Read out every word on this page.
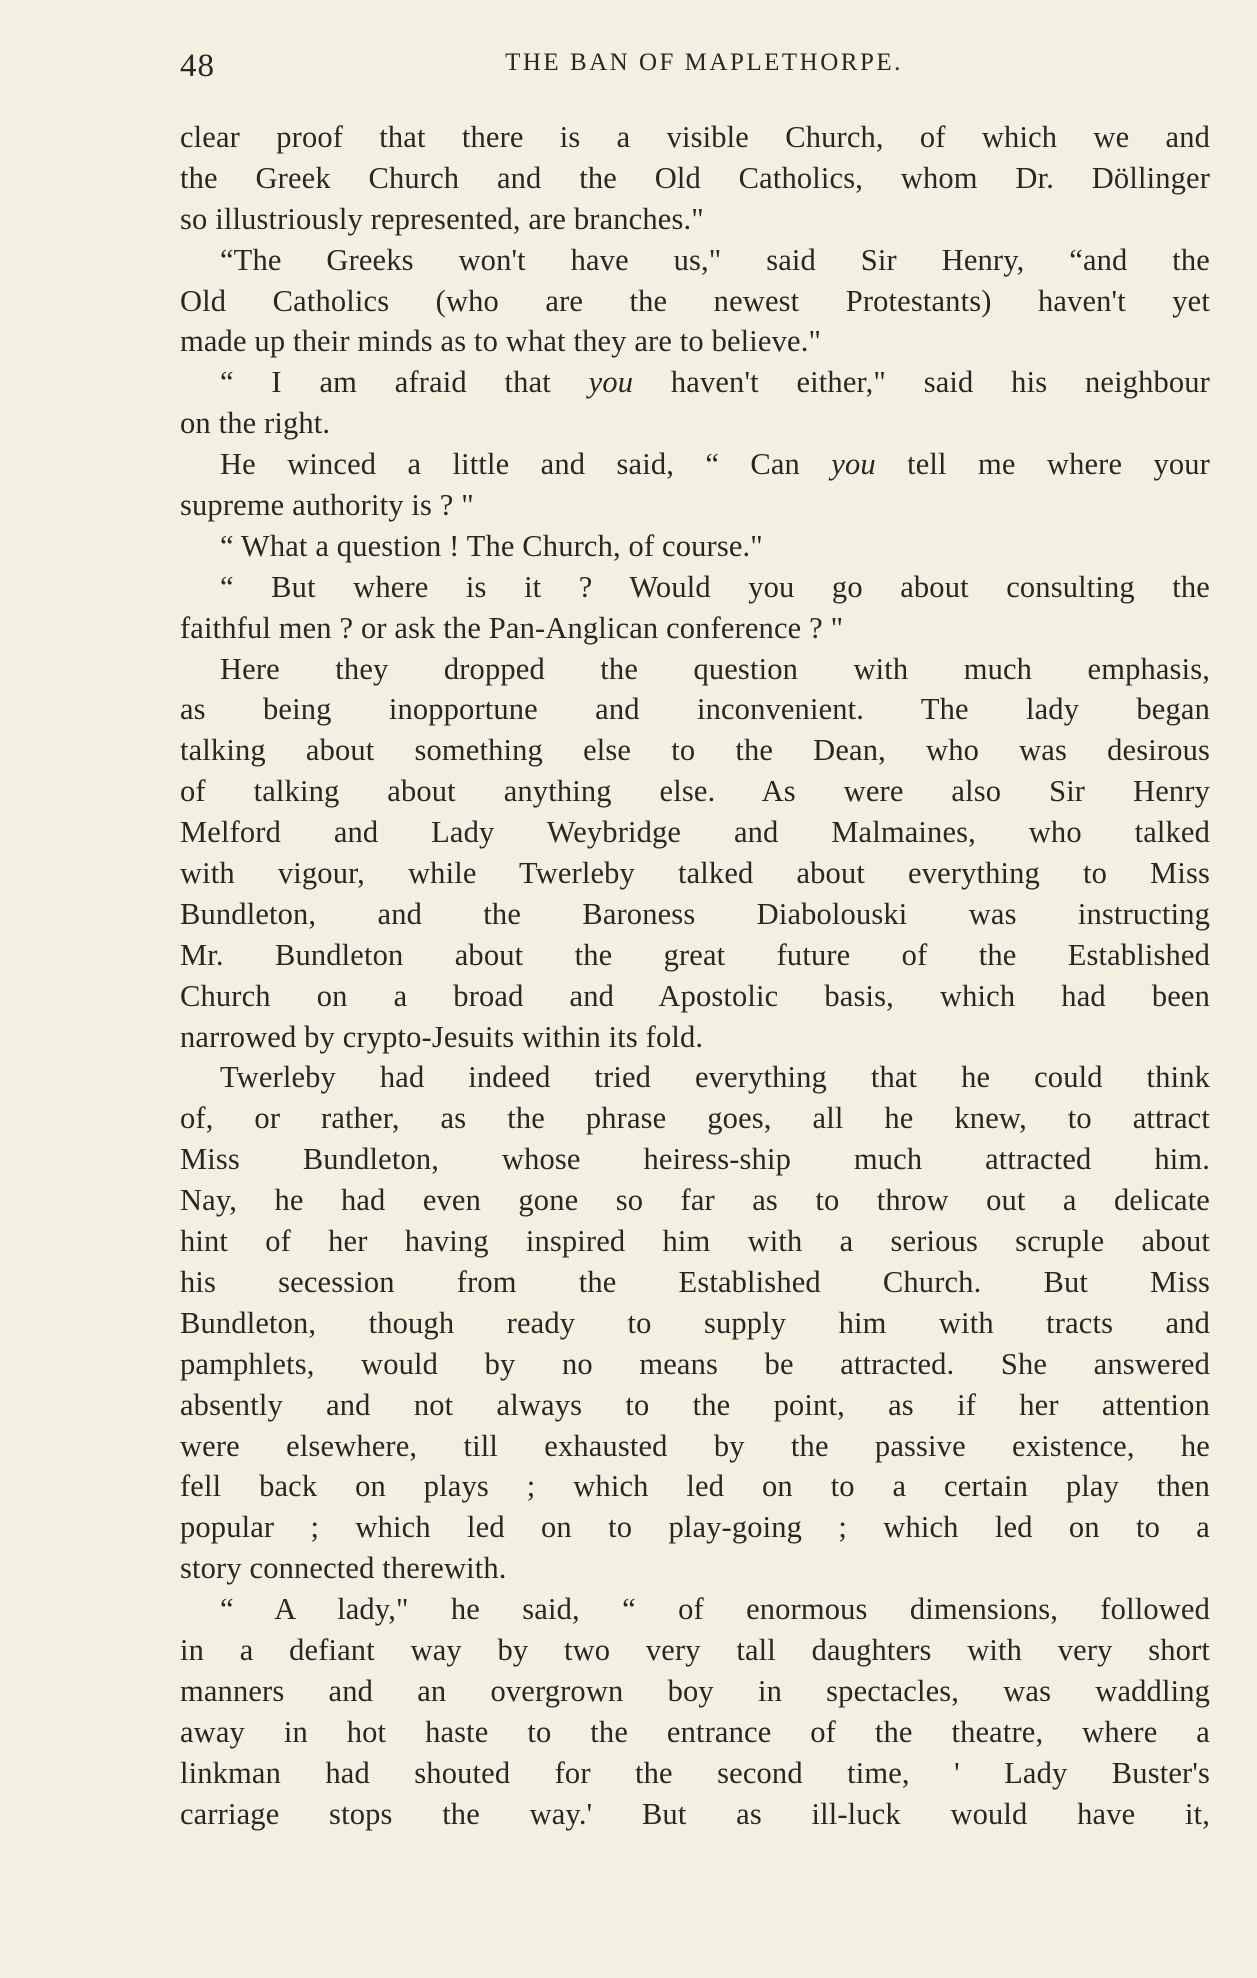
48	THE BAN OF MAPLETHORPE.
clear proof that there is a visible Church, of which we and
the Greek Church and the Old Catholics, whom Dr. Döllinger
so illustriously represented, are branches."
“The Greeks won't have us," said Sir Henry, “and the
Old Catholics (who are the newest Protestants) haven't yet
made up their minds as to what they are to believe."
“ I am afraid that you haven't either," said his neighbour
on the right.
He winced a little and said, “ Can you tell me where your
supreme authority is ? "
“ What a question ! The Church, of course."
“ But where is it ? Would you go about consulting the
faithful men ? or ask the Pan-Anglican conference ? "
Here they dropped the question with much emphasis,
as being inopportune and inconvenient. The lady began
talking about something else to the Dean, who was desirous
of talking about anything else. As were also Sir Henry
Melford and Lady Weybridge and Malmaines, who talked
with vigour, while Twerleby talked about everything to Miss
Bundleton, and the Baroness Diabolouski was instructing
Mr. Bundleton about the great future of the Established
Church on a broad and Apostolic basis, which had been
narrowed by crypto-Jesuits within its fold.
Twerleby had indeed tried everything that he could think
of, or rather, as the phrase goes, all he knew, to attract
Miss Bundleton, whose heiress-ship much attracted him.
Nay, he had even gone so far as to throw out a delicate
hint of her having inspired him with a serious scruple about
his secession from the Established Church. But Miss
Bundleton, though ready to supply him with tracts and
pamphlets, would by no means be attracted. She answered
absently and not always to the point, as if her attention
were elsewhere, till exhausted by the passive existence, he
fell back on plays ; which led on to a certain play then
popular ; which led on to play-going ; which led on to a
story connected therewith.
“ A lady," he said, “ of enormous dimensions, followed
in a defiant way by two very tall daughters with very short
manners and an overgrown boy in spectacles, was waddling
away in hot haste to the entrance of the theatre, where a
linkman had shouted for the second time, ' Lady Buster's
carriage stops the way.' But as ill-luck would have it,
